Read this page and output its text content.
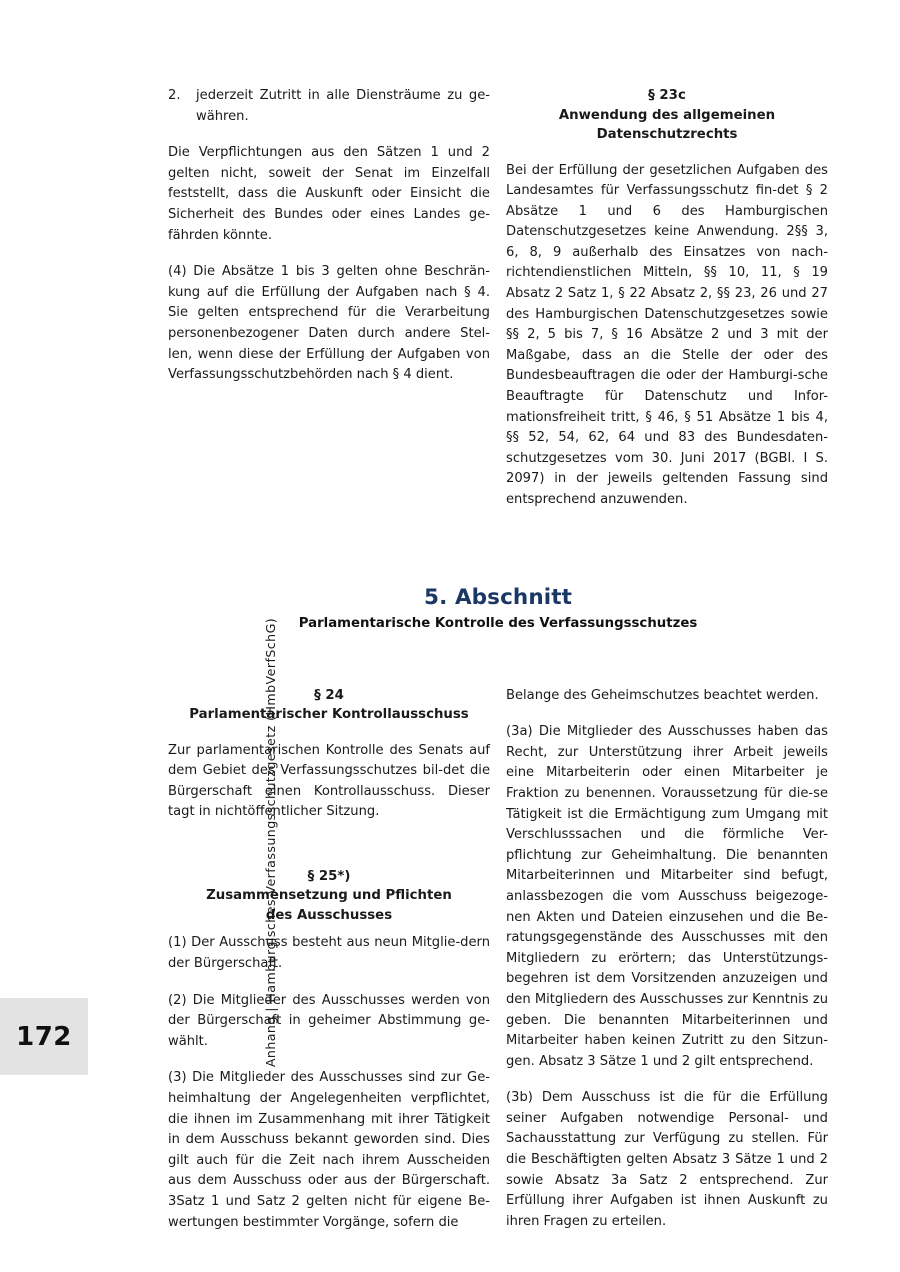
Anhang | Hamburgisches Verfassungsschutzgesetz (HmbVerfSchG)
172
2.	jederzeit Zutritt in alle Diensträume zu ge-währen.

Die Verpflichtungen aus den Sätzen 1 und 2 gelten nicht, soweit der Senat im Einzelfall feststellt, dass die Auskunft oder Einsicht die Sicherheit des Bundes oder eines Landes ge-fährden könnte.

(4) Die Absätze 1 bis 3 gelten ohne Beschrän-kung auf die Erfüllung der Aufgaben nach § 4. Sie gelten entsprechend für die Verarbeitung personenbezogener Daten durch andere Stel-len, wenn diese der Erfüllung der Aufgaben von Verfassungsschutzbehörden nach § 4 dient.

§ 23c
Anwendung des allgemeinen
Datenschutzrechts

Bei der Erfüllung der gesetzlichen Aufgaben des Landesamtes für Verfassungsschutz fin-det § 2 Absätze 1 und 6 des Hamburgischen Datenschutzgesetzes keine Anwendung. 2§§ 3, 6, 8, 9 außerhalb des Einsatzes von nach-richtendienstlichen Mitteln, §§ 10, 11, § 19 Absatz 2 Satz 1, § 22 Absatz 2, §§ 23, 26 und 27 des Hamburgischen Datenschutzgesetzes sowie §§ 2, 5 bis 7, § 16 Absätze 2 und 3 mit der Maßgabe, dass an die Stelle der oder des Bundesbeauftragen die oder der Hamburgi-sche Beauftragte für Datenschutz und Infor-mationsfreiheit tritt, § 46, § 51 Absätze 1 bis 4, §§ 52, 54, 62, 64 und 83 des Bundesdaten-schutzgesetzes vom 30. Juni 2017 (BGBl. I S. 2097) in der jeweils geltenden Fassung sind entsprechend anzuwenden.

5. Abschnitt
Parlamentarische Kontrolle des Verfassungsschutzes
§ 24
Parlamentarischer Kontrollausschuss

Zur parlamentarischen Kontrolle des Senats auf dem Gebiet des Verfassungsschutzes bil-det die Bürgerschaft einen Kontrollausschuss. Dieser tagt in nichtöffentlicher Sitzung.

§ 25*)
Zusammensetzung und Pflichten
des Ausschusses

(1) Der Ausschuss besteht aus neun Mitglie-dern der Bürgerschaft.

(2) Die Mitglieder des Ausschusses werden von der Bürgerschaft in geheimer Abstimmung ge-wählt.

(3) Die Mitglieder des Ausschusses sind zur Ge-heimhaltung der Angelegenheiten verpflichtet, die ihnen im Zusammenhang mit ihrer Tätigkeit in dem Ausschuss bekannt geworden sind. Dies gilt auch für die Zeit nach ihrem Ausscheiden aus dem Ausschuss oder aus der Bürgerschaft. 3Satz 1 und Satz 2 gelten nicht für eigene Be-wertungen bestimmter Vorgänge, sofern die

Belange des Geheimschutzes beachtet werden.

(3a) Die Mitglieder des Ausschusses haben das Recht, zur Unterstützung ihrer Arbeit jeweils eine Mitarbeiterin oder einen Mitarbeiter je Fraktion zu benennen. Voraussetzung für die-se Tätigkeit ist die Ermächtigung zum Umgang mit Verschlusssachen und die förmliche Ver-pflichtung zur Geheimhaltung. Die benannten Mitarbeiterinnen und Mitarbeiter sind befugt, anlassbezogen die vom Ausschuss beigezoge-nen Akten und Dateien einzusehen und die Be-ratungsgegenstände des Ausschusses mit den Mitgliedern zu erörtern; das Unterstützungs-begehren ist dem Vorsitzenden anzuzeigen und den Mitgliedern des Ausschusses zur Kenntnis zu geben. Die benannten Mitarbeiterinnen und Mitarbeiter haben keinen Zutritt zu den Sitzun-gen. Absatz 3 Sätze 1 und 2 gilt entsprechend.

(3b) Dem Ausschuss ist die für die Erfüllung seiner Aufgaben notwendige Personal- und Sachausstattung zur Verfügung zu stellen. Für die Beschäftigten gelten Absatz 3 Sätze 1 und 2 sowie Absatz 3a Satz 2 entsprechend. Zur Erfüllung ihrer Aufgaben ist ihnen Auskunft zu ihren Fragen zu erteilen.
